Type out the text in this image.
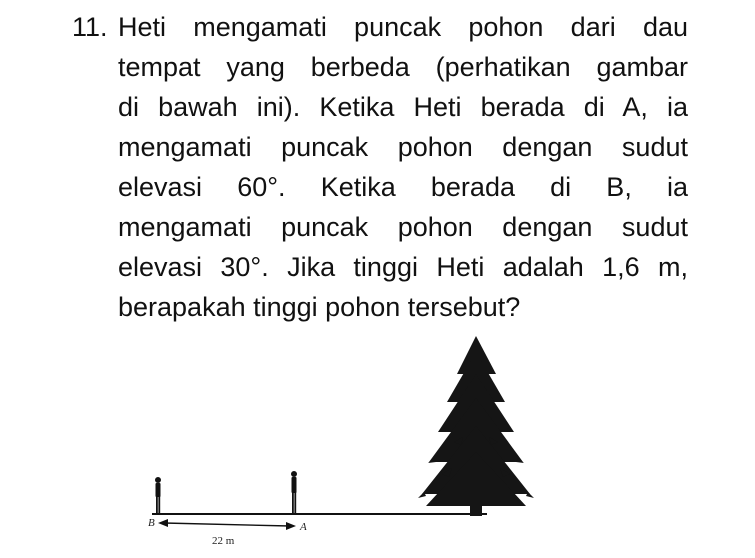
11. Heti mengamati puncak pohon dari dau
tempat yang berbeda (perhatikan gambar
di bawah ini). Ketika Heti berada di A, ia
mengamati puncak pohon dengan sudut
elevasi 60°. Ketika berada di B, ia
mengamati puncak pohon dengan sudut
elevasi 30°. Jika tinggi Heti adalah 1,6 m,
berapakah tinggi pohon tersebut?
B	A
22 m
